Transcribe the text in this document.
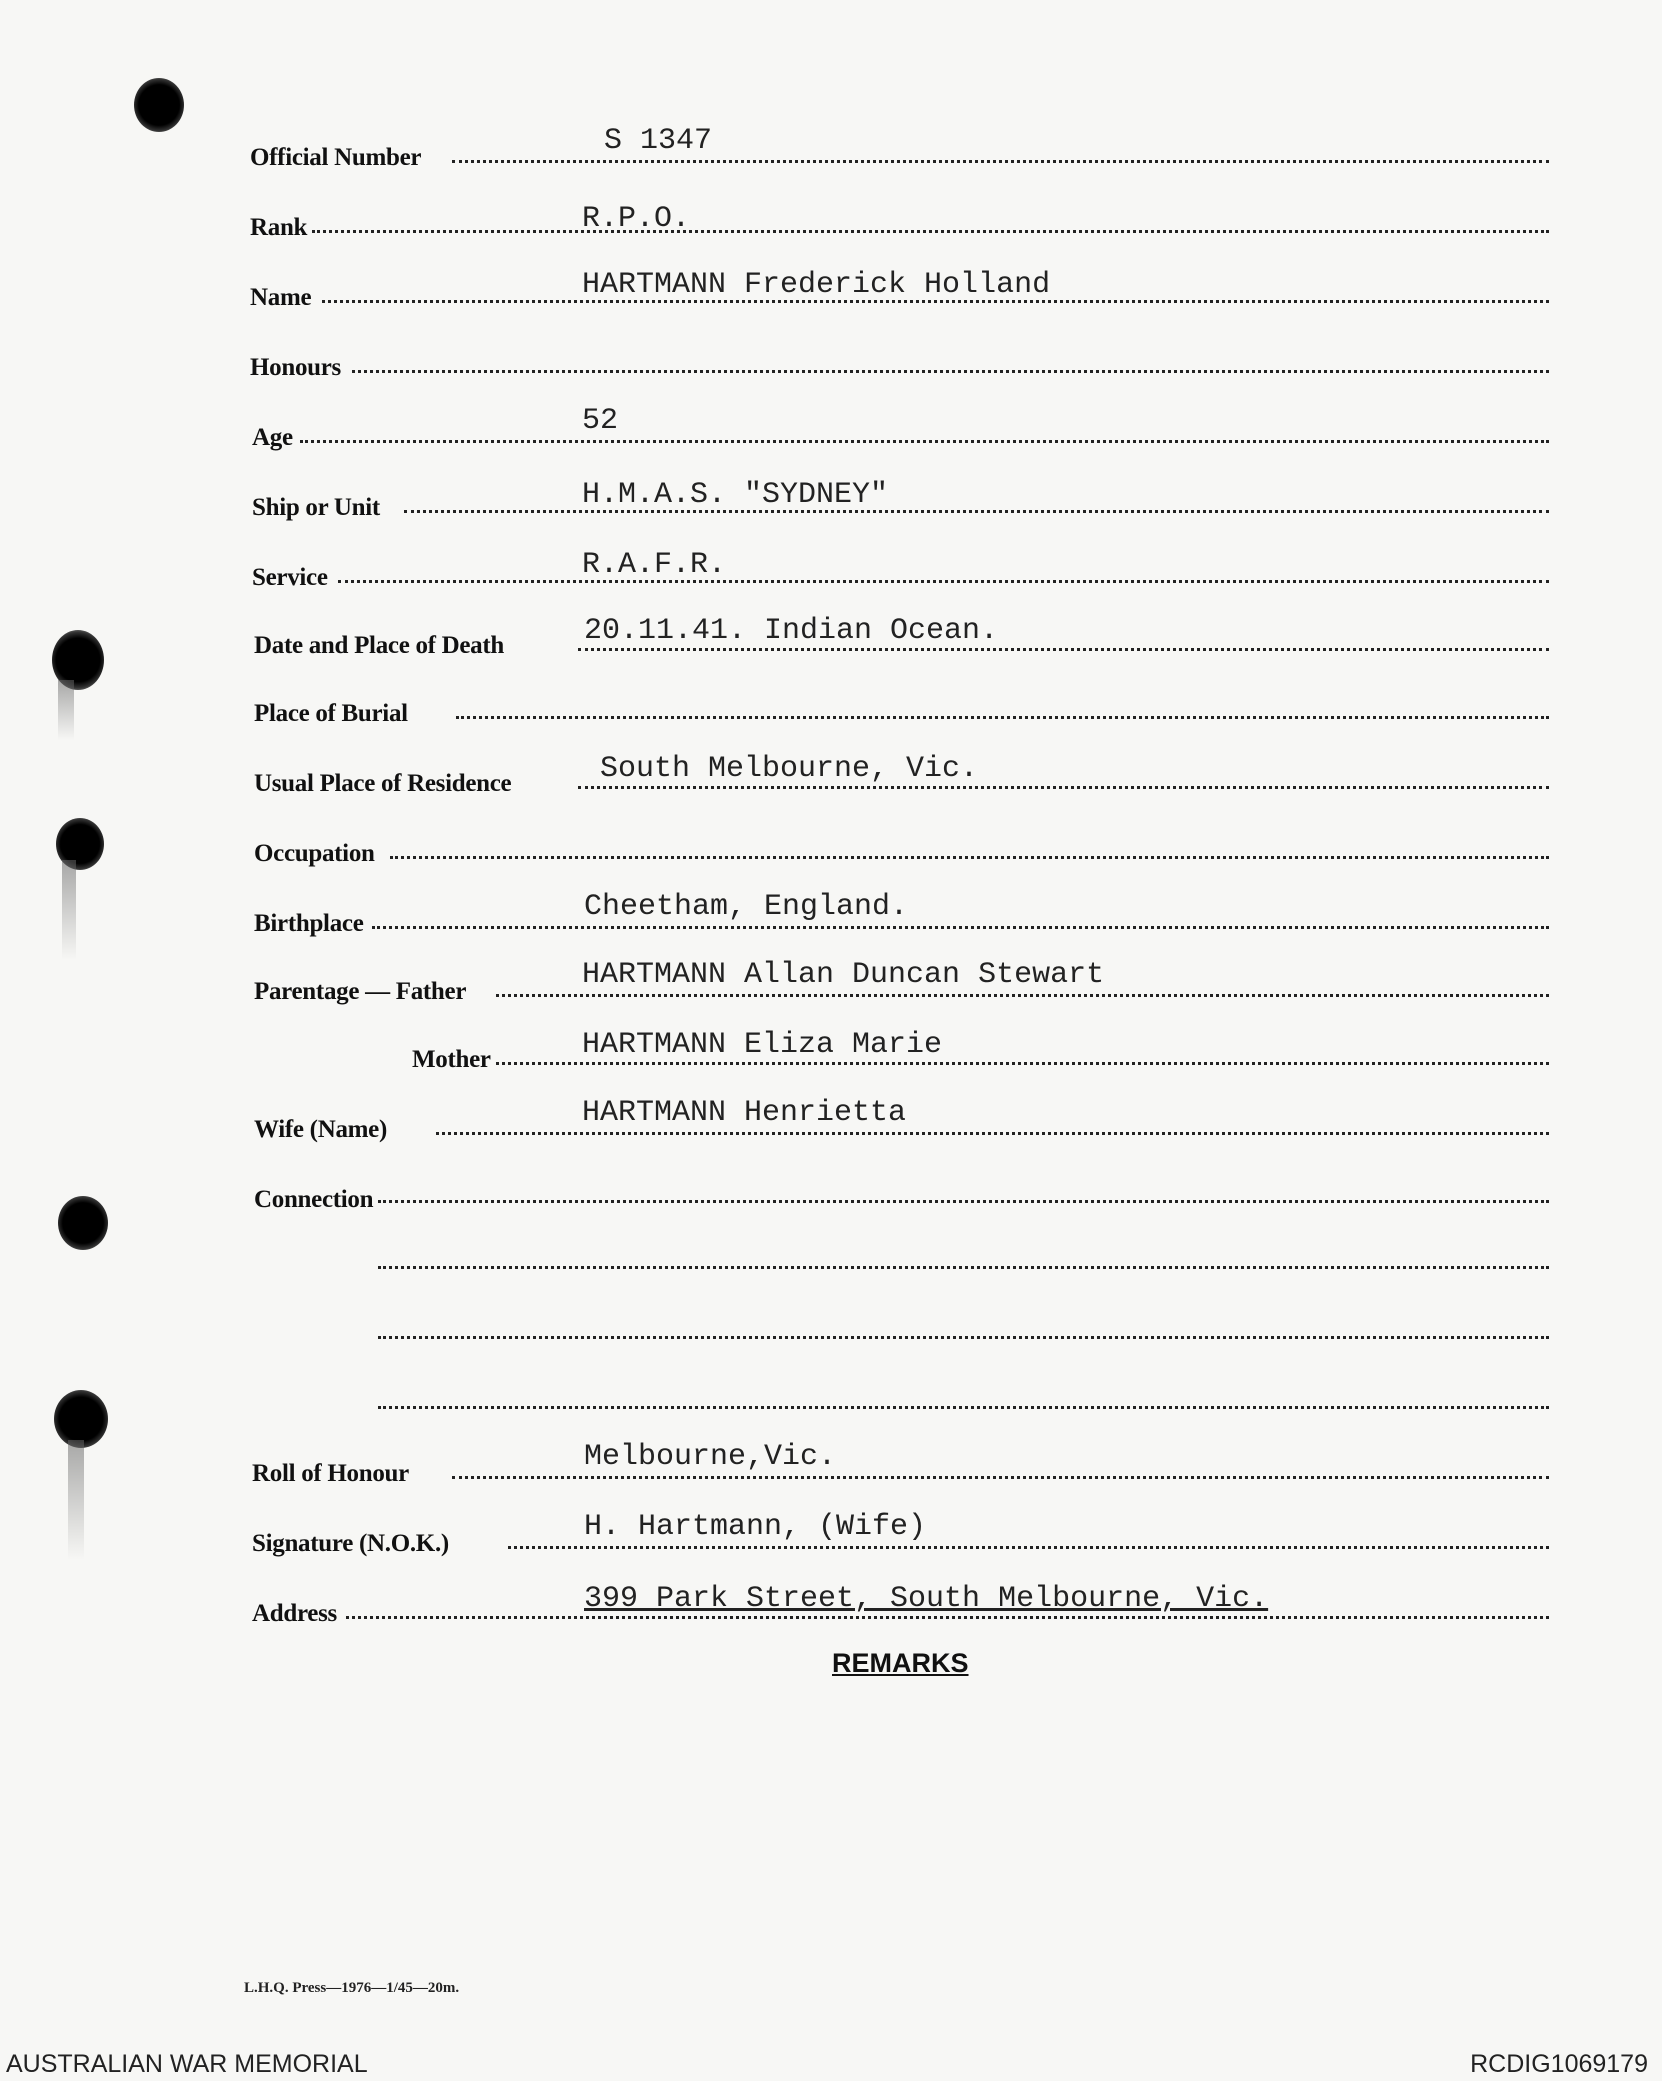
Official Number	S 1347
Rank	R.P.O.
Name	HARTMANN Frederick Holland
Honours
Age	52
Ship or Unit	H.M.A.S. "SYDNEY"
Service	R.A.F.R.
Date and Place of Death	20.11.41. Indian Ocean.
Place of Burial
Usual Place of Residence	South Melbourne, Vic.
Occupation
Birthplace	Cheetham, England.
Parentage — Father	HARTMANN Allan Duncan Stewart
Mother	HARTMANN Eliza Marie
Wife (Name)	HARTMANN Henrietta
Connection
Roll of Honour	Melbourne,Vic.
Signature (N.O.K.)	H. Hartmann, (Wife)
Address	399 Park Street, South Melbourne, Vic.
REMARKS
L.H.Q. Press—1976—1/45—20m.
AUSTRALIAN WAR MEMORIAL	RCDIG1069179
